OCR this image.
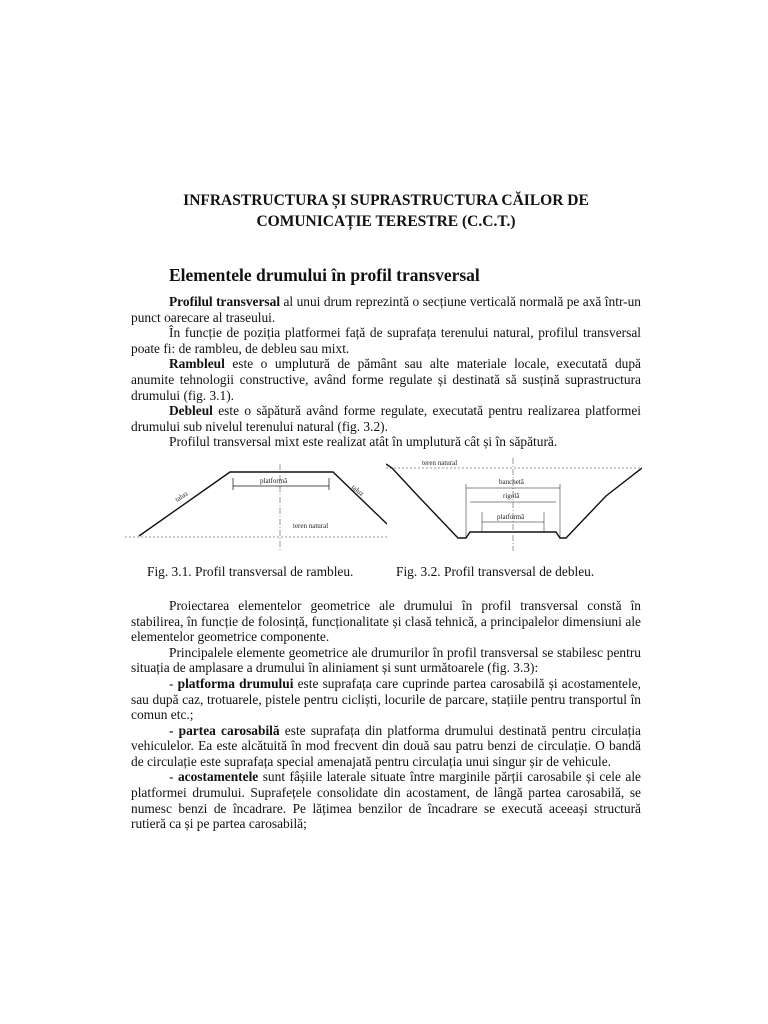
INFRASTRUCTURA ȘI SUPRASTRUCTURA CĂILOR DE
COMUNICAȚIE TERESTRE (C.C.T.)
Elementele drumului în profil transversal

Profilul transversal al unui drum reprezintă o secțiune verticală normală pe axă într-un punct oarecare al traseului.

În funcție de poziția platformei față de suprafața terenului natural, profilul transversal poate fi: de rambleu, de debleu sau mixt.

Rambleul este o umplutură de pământ sau alte materiale locale, executată după anumite tehnologii constructive, având forme regulate și destinată să susțină suprastructura drumului (fig. 3.1).

Debleul este o săpătură având forme regulate, executată pentru realizarea platformei drumului sub nivelul terenului natural (fig. 3.2).

Profilul transversal mixt este realizat atât în umplutură cât și în săpătură.

platformă
taluz	taluz
teren natural
teren natural
banchetă
rigolă
platformă
Fig. 3.1. Profil transversal de rambleu.	Fig. 3.2. Profil transversal de debleu.

Proiectarea elementelor geometrice ale drumului în profil transversal constă în stabilirea, în funcție de folosință, funcționalitate și clasă tehnică, a principalelor dimensiuni ale elementelor geometrice componente.

Principalele elemente geometrice ale drumurilor în profil transversal se stabilesc pentru situația de amplasare a drumului în aliniament și sunt următoarele (fig. 3.3):

- platforma drumului este suprafața care cuprinde partea carosabilă și acostamentele, sau după caz, trotuarele, pistele pentru cicliști, locurile de parcare, stațiile pentru transportul în comun etc.;

- partea carosabilă este suprafața din platforma drumului destinată pentru circulația vehiculelor. Ea este alcătuită în mod frecvent din două sau patru benzi de circulație. O bandă de circulație este suprafața special amenajată pentru circulația unui singur șir de vehicule.

- acostamentele sunt fâșiile laterale situate între marginile părții carosabile și cele ale platformei drumului. Suprafețele consolidate din acostament, de lângă partea carosabilă, se numesc benzi de încadrare. Pe lățimea benzilor de încadrare se execută aceeași structură rutieră ca și pe partea carosabilă;
